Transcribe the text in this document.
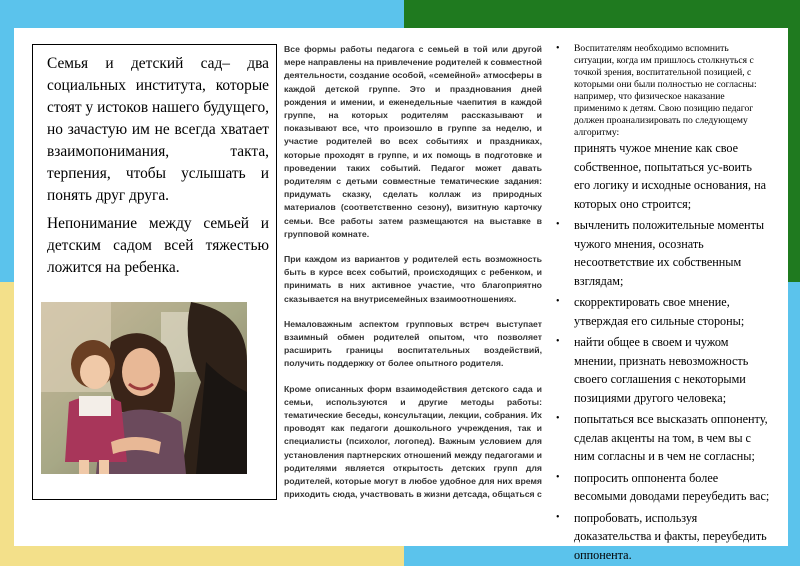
Семья и детский сад– два социальных института, которые стоят у истоков нашего будущего, но зачастую им не всегда хватает взаимопонимания, такта, терпения, чтобы услышать и понять друг друга.

Непонимание между семьей и детским садом всей тяжестью ложится на ребенка.

Все формы работы педагога с семьей в той или другой мере направлены на привлечение родителей к совместной деятельности, создание особой, «семейной» атмосферы в каждой детской группе. Это и празднования дней рождения и имении, и еженедельные чаепития в каждой группе, на которых родителям рассказывают и показывают все, что произошло в группе за неделю, и участие родителей во всех событиях и праздниках, которые проходят в группе, и их помощь в подготовке и проведении таких событий. Педагог может давать родителям с детьми совместные тематические задания: придумать сказку, сделать коллаж из природных материалов (соответственно сезону), визитную карточку семьи. Все работы затем размещаются на выставке в групповой комнате.

При каждом из вариантов у родителей есть возможность быть в курсе всех событий, происходящих с ребенком, и принимать в них активное участие, что благоприятно сказывается на внутрисемейных взаимоотношениях.

Немаловажным аспектом групповых встреч выступает взаимный обмен родителей опытом, что позволяет расширить границы воспитательных воздействий, получить поддержку от более опытного родителя.

Кроме описанных форм взаимодействия детского сада и семьи, используются и другие методы работы: тематические беседы, консультации, лекции, собрания. Их проводят как педагоги дошкольного учреждения, так и специалисты (психолог, логопед). Важным условием для установления партнерских отношений между педагогами и родителями является открытость детских групп для родителей, которые могут в любое удобное для них время приходить сюда, участвовать в жизни детсада, общаться с

• Воспитателям необходимо вспомнить ситуации, когда им пришлось столкнуться с точкой зрения, воспитательной позицией, с которыми они были полностью не согласны: например, что физическое наказание применимо к детям. Свою позицию педагог должен проанализировать по следующему алгоритму:
принять чужое мнение как свое собственное, попытаться ус-воить его логику и исходные основания, на которых оно строится;
• вычленить положительные моменты чужого мнения, осознать несоответствие их собственным взглядам;
• скорректировать свое мнение, утверждая его сильные стороны;
• найти общее в своем и чужом мнении, признать невозможность своего соглашения с некоторыми позициями другого человека;
• попытаться все высказать оппоненту, сделав акценты на том, в чем вы с ним согласны и в чем не согласны;
• попросить оппонента более весомыми доводами переубедить вас;
• попробовать, используя доказательства и факты, переубедить оппонента.
